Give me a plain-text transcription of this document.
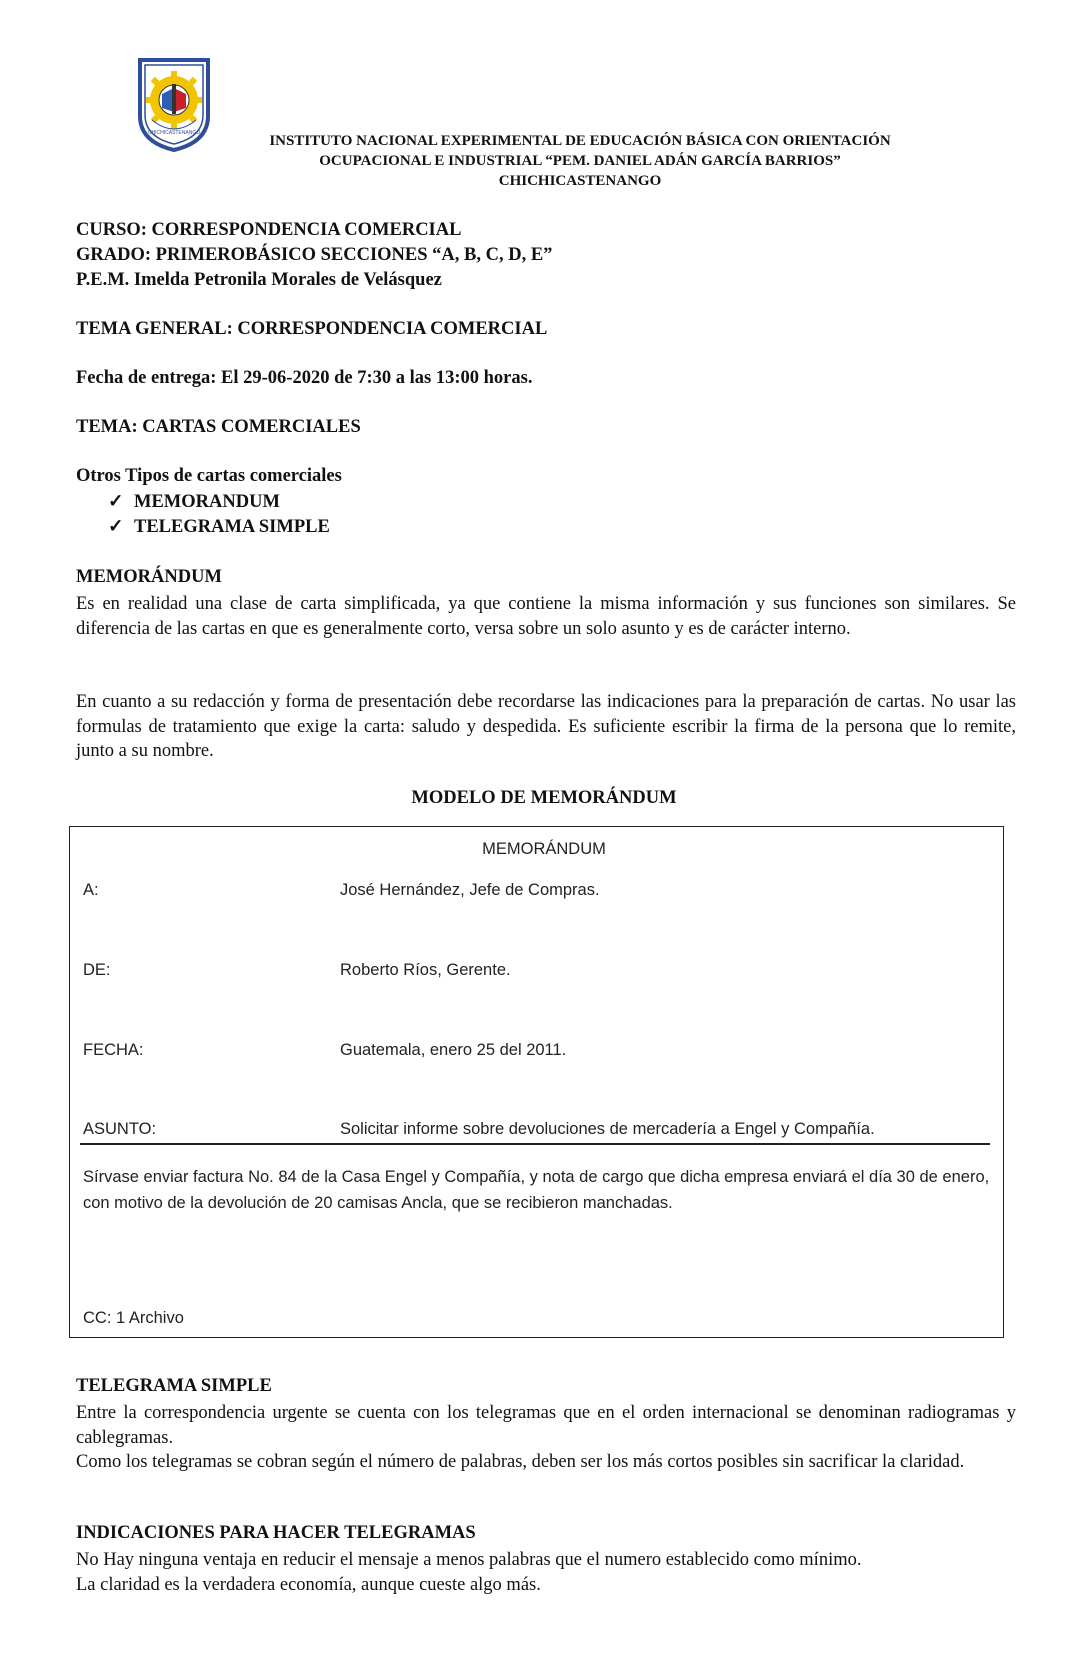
CHICHICASTENANGO	INSTITUTO NACIONAL EXPERIMENTAL DE EDUCACIÓN BÁSICA CON ORIENTACIÓN
OCUPACIONAL E INDUSTRIAL “PEM. DANIEL ADÁN GARCÍA BARRIOS”
CHICHICASTENANGO
CURSO: CORRESPONDENCIA COMERCIAL
GRADO: PRIMEROBÁSICO SECCIONES “A, B, C, D, E”
P.E.M. Imelda Petronila Morales de Velásquez
TEMA GENERAL: CORRESPONDENCIA COMERCIAL
Fecha de entrega: El 29-06-2020 de 7:30 a las 13:00 horas.
TEMA: CARTAS COMERCIALES
Otros Tipos de cartas comerciales
✓ MEMORANDUM
✓ TELEGRAMA SIMPLE
MEMORÁNDUM
Es en realidad una clase de carta simplificada, ya que contiene la misma información y sus funciones son similares. Se diferencia de las cartas en que es generalmente corto, versa sobre un solo asunto y es de carácter interno.
En cuanto a su redacción y forma de presentación debe recordarse las indicaciones para la preparación de cartas. No usar las formulas de tratamiento que exige la carta: saludo y despedida. Es suficiente escribir la firma de la persona que lo remite, junto a su nombre.
MODELO DE MEMORÁNDUM
MEMORÁNDUM
A:	José Hernández, Jefe de Compras.
DE:	Roberto Ríos, Gerente.
FECHA:	Guatemala, enero 25 del 2011.
ASUNTO:	Solicitar informe sobre devoluciones de mercadería a Engel y Compañía.
Sírvase enviar factura No. 84 de la Casa Engel y Compañía, y nota de cargo que dicha empresa enviará el día 30 de enero, con motivo de la devolución de 20 camisas Ancla, que se recibieron manchadas.
CC: 1 Archivo
TELEGRAMA SIMPLE
Entre la correspondencia urgente se cuenta con los telegramas que en el orden internacional se denominan radiogramas y cablegramas.
Como los telegramas se cobran según el número de palabras, deben ser los más cortos posibles sin sacrificar la claridad.
INDICACIONES PARA HACER TELEGRAMAS
No Hay ninguna ventaja en reducir el mensaje a menos palabras que el numero establecido como mínimo.
La claridad es la verdadera economía, aunque cueste algo más.
